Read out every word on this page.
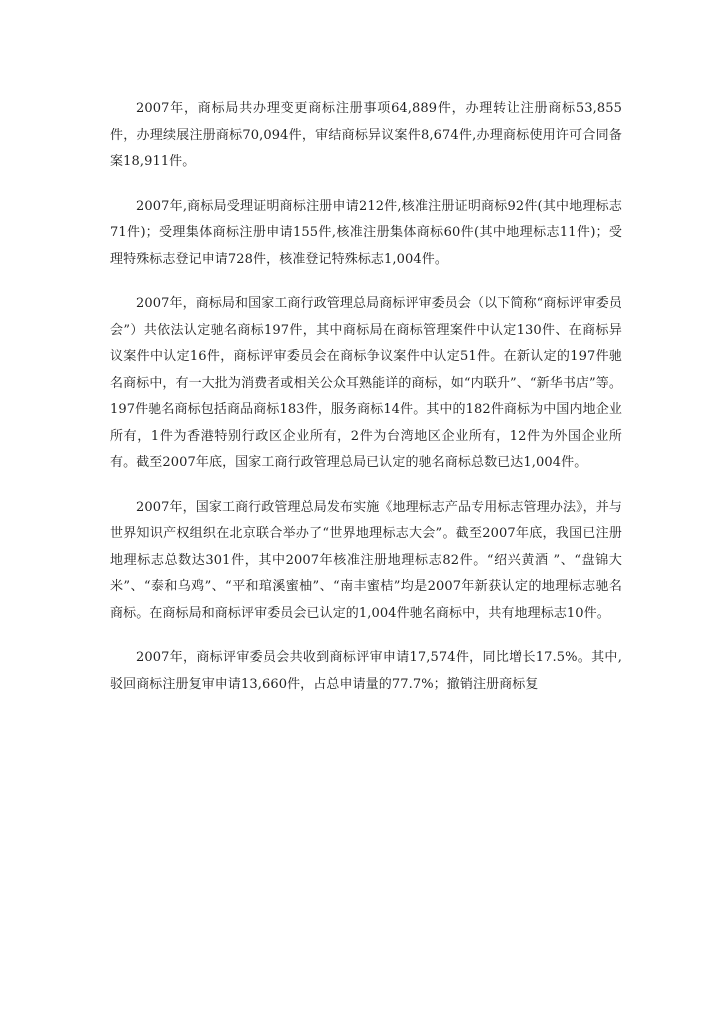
2007年，商标局共办理变更商标注册事项64,889件，办理转让注册商标53,855件，办理续展注册商标70,094件，审结商标异议案件8,674件,办理商标使用许可合同备案18,911件。

2007年,商标局受理证明商标注册申请212件,核准注册证明商标92件(其中地理标志71件)；受理集体商标注册申请155件,核准注册集体商标60件(其中地理标志11件)；受理特殊标志登记申请728件，核准登记特殊标志1,004件。

2007年，商标局和国家工商行政管理总局商标评审委员会（以下简称“商标评审委员会”）共依法认定驰名商标197件，其中商标局在商标管理案件中认定130件、在商标异议案件中认定16件，商标评审委员会在商标争议案件中认定51件。在新认定的197件驰名商标中，有一大批为消费者或相关公众耳熟能详的商标，如“内联升”、“新华书店”等。197件驰名商标包括商品商标183件，服务商标14件。其中的182件商标为中国内地企业所有，1件为香港特别行政区企业所有，2件为台湾地区企业所有，12件为外国企业所有。截至2007年底，国家工商行政管理总局已认定的驰名商标总数已达1,004件。

2007年，国家工商行政管理总局发布实施《地理标志产品专用标志管理办法》，并与世界知识产权组织在北京联合举办了“世界地理标志大会”。截至2007年底，我国已注册地理标志总数达301件，其中2007年核准注册地理标志82件。“绍兴黄酒 ”、“盘锦大米”、“泰和乌鸡”、“平和琯溪蜜柚”、“南丰蜜桔”均是2007年新获认定的地理标志驰名商标。在商标局和商标评审委员会已认定的1,004件驰名商标中，共有地理标志10件。

2007年，商标评审委员会共收到商标评审申请17,574件，同比增长17.5%。其中,驳回商标注册复审申请13,660件，占总申请量的77.7%；撤销注册商标复
